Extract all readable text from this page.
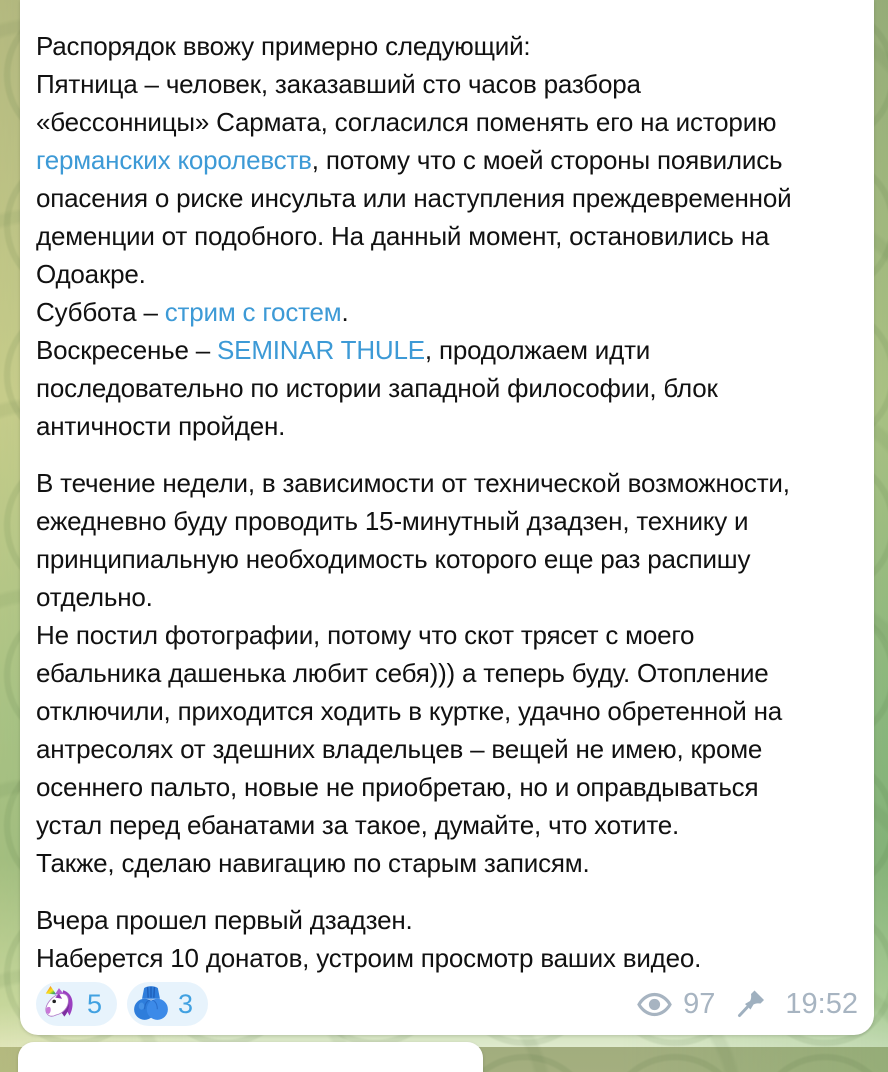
Распорядок ввожу примерно следующий:
Пятница – человек, заказавший сто часов разбора
«бессонницы» Сармата, согласился поменять его на историю
германских королевств, потому что с моей стороны появились
опасения о риске инсульта или наступления преждевременной
деменции от подобного. На данный момент, остановились на
Одоакре.
Суббота – стрим с гостем.
Воскресенье – SEMINAR THULE, продолжаем идти
последовательно по истории западной философии, блок
античности пройден.
В течение недели, в зависимости от технической возможности,
ежедневно буду проводить 15-минутный дзадзен, технику и
принципиальную необходимость которого еще раз распишу
отдельно.
Не постил фотографии, потому что скот трясет с моего
ебальника дашенька любит себя))) а теперь буду. Отопление
отключили, приходится ходить в куртке, удачно обретенной на
антресолях от здешних владельцев – вещей не имею, кроме
осеннего пальто, новые не приобретаю, но и оправдываться
устал перед ебанатами за такое, думайте, что хотите.
Также, сделаю навигацию по старым записям.
Вчера прошел первый дзадзен.
Наберется 10 донатов, устроим просмотр ваших видео.
5	3	97 19:52
